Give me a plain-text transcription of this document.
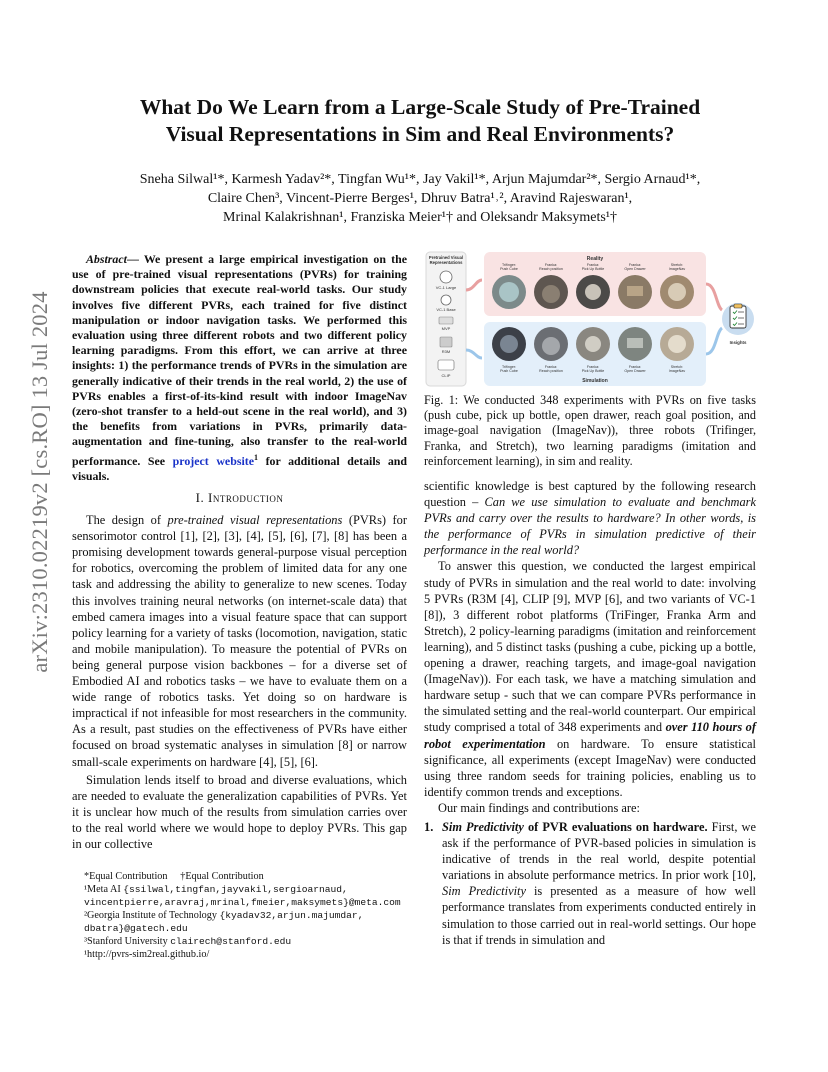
arXiv:2310.02219v2 [cs.RO] 13 Jul 2024
What Do We Learn from a Large-Scale Study of Pre-Trained
Visual Representations in Sim and Real Environments?
Sneha Silwal¹*, Karmesh Yadav²*, Tingfan Wu¹*, Jay Vakil¹*, Arjun Majumdar²*, Sergio Arnaud¹*,
Claire Chen³, Vincent-Pierre Berges¹, Dhruv Batra¹˒², Aravind Rajeswaran¹,
Mrinal Kalakrishnan¹, Franziska Meier¹† and Oleksandr Maksymets¹†

Abstract— We present a large empirical investigation on the use of pre-trained visual representations (PVRs) for training downstream policies that execute real-world tasks. Our study involves five different PVRs, each trained for five distinct manipulation or indoor navigation tasks. We performed this evaluation using three different robots and two different policy learning paradigms. From this effort, we can arrive at three insights: 1) the performance trends of PVRs in the simulation are generally indicative of their trends in the real world, 2) the use of PVRs enables a first-of-its-kind result with indoor ImageNav (zero-shot transfer to a held-out scene in the real world), and 3) the benefits from variations in PVRs, primarily data-augmentation and fine-tuning, also transfer to the real-world performance. See project website$^1$ for additional details and visuals.

I. Introduction

The design of pre-trained visual representations (PVRs) for sensorimotor control [1], [2], [3], [4], [5], [6], [7], [8] has been a promising development towards general-purpose visual perception for robotics, overcoming the problem of limited data for any one task and addressing the ability to generalize to new scenes. Today this involves training neural networks (on internet-scale data) that embed camera images into a visual feature space that can support policy learning for a variety of tasks (locomotion, navigation, static and mobile manipulation). To measure the potential of PVRs on being general purpose vision backbones – for a diverse set of Embodied AI and robotics tasks – we have to evaluate them on a wide range of robotics tasks. Yet doing so on hardware is impractical if not infeasible for most researchers in the community. As a result, past studies on the effectiveness of PVRs have either focused on broad systematic analyses in simulation [8] or narrow small-scale experiments on hardware [4], [5], [6].

Simulation lends itself to broad and diverse evaluations, which are needed to evaluate the generalization capabilities of PVRs. Yet it is unclear how much of the results from simulation carries over to the real world where we would hope to deploy PVRs. This gap in our collective

*Equal Contribution †Equal Contribution
¹Meta AI {ssilwal,tingfan,jayvakil,sergioarnaud, vincentpierre,aravraj,mrinal,fmeier,maksymets}@meta.com
²Georgia Institute of Technology {kyadav32,arjun.majumdar, dbatra}@gatech.edu
³Stanford University clairech@stanford.edu
¹http://pvrs-sim2real.github.io/
Pretrained Visual
Representations
VC-1 Large
VC-1 Base
MVP
R3M
CLIP
Reality
Trifinger:
Push Cube
Franka:
Reach position
Franka:
Pick Up Bottle
Franka:
Open Drawer
Stretch:
ImageNav
Trifinger:
Push Cube
Franka:
Reach position
Franka:
Pick Up Bottle
Franka:
Open Drawer
Stretch:
ImageNav
Simulation
Insights

Fig. 1: We conducted 348 experiments with PVRs on five tasks (push cube, pick up bottle, open drawer, reach goal position, and image-goal navigation (ImageNav)), three robots (Trifinger, Franka, and Stretch), two learning paradigms (imitation and reinforcement learning), in sim and reality.

scientific knowledge is best captured by the following research question – Can we use simulation to evaluate and benchmark PVRs and carry over the results to hardware? In other words, is the performance of PVRs in simulation predictive of their performance in the real world?

To answer this question, we conducted the largest empirical study of PVRs in simulation and the real world to date: involving 5 PVRs (R3M [4], CLIP [9], MVP [6], and two variants of VC-1 [8]), 3 different robot platforms (TriFinger, Franka Arm and Stretch), 2 policy-learning paradigms (imitation and reinforcement learning), and 5 distinct tasks (pushing a cube, picking up a bottle, opening a drawer, reaching targets, and image-goal navigation (ImageNav)). For each task, we have a matching simulation and hardware setup - such that we can compare PVRs performance in the simulated setting and the real-world counterpart. Our empirical study comprised a total of 348 experiments and over 110 hours of robot experimentation on hardware. To ensure statistical significance, all experiments (except ImageNav) were conducted using three random seeds for training policies, enabling us to identify common trends and exceptions.

Our main findings and contributions are:

1. Sim Predictivity of PVR evaluations on hardware. First, we ask if the performance of PVR-based policies in simulation is indicative of trends in the real world, despite potential variations in absolute performance metrics. In prior work [10], Sim Predictivity is presented as a measure of how well performance translates from experiments conducted entirely in simulation to those carried out in real-world settings. Our hope is that if trends in simulation and
